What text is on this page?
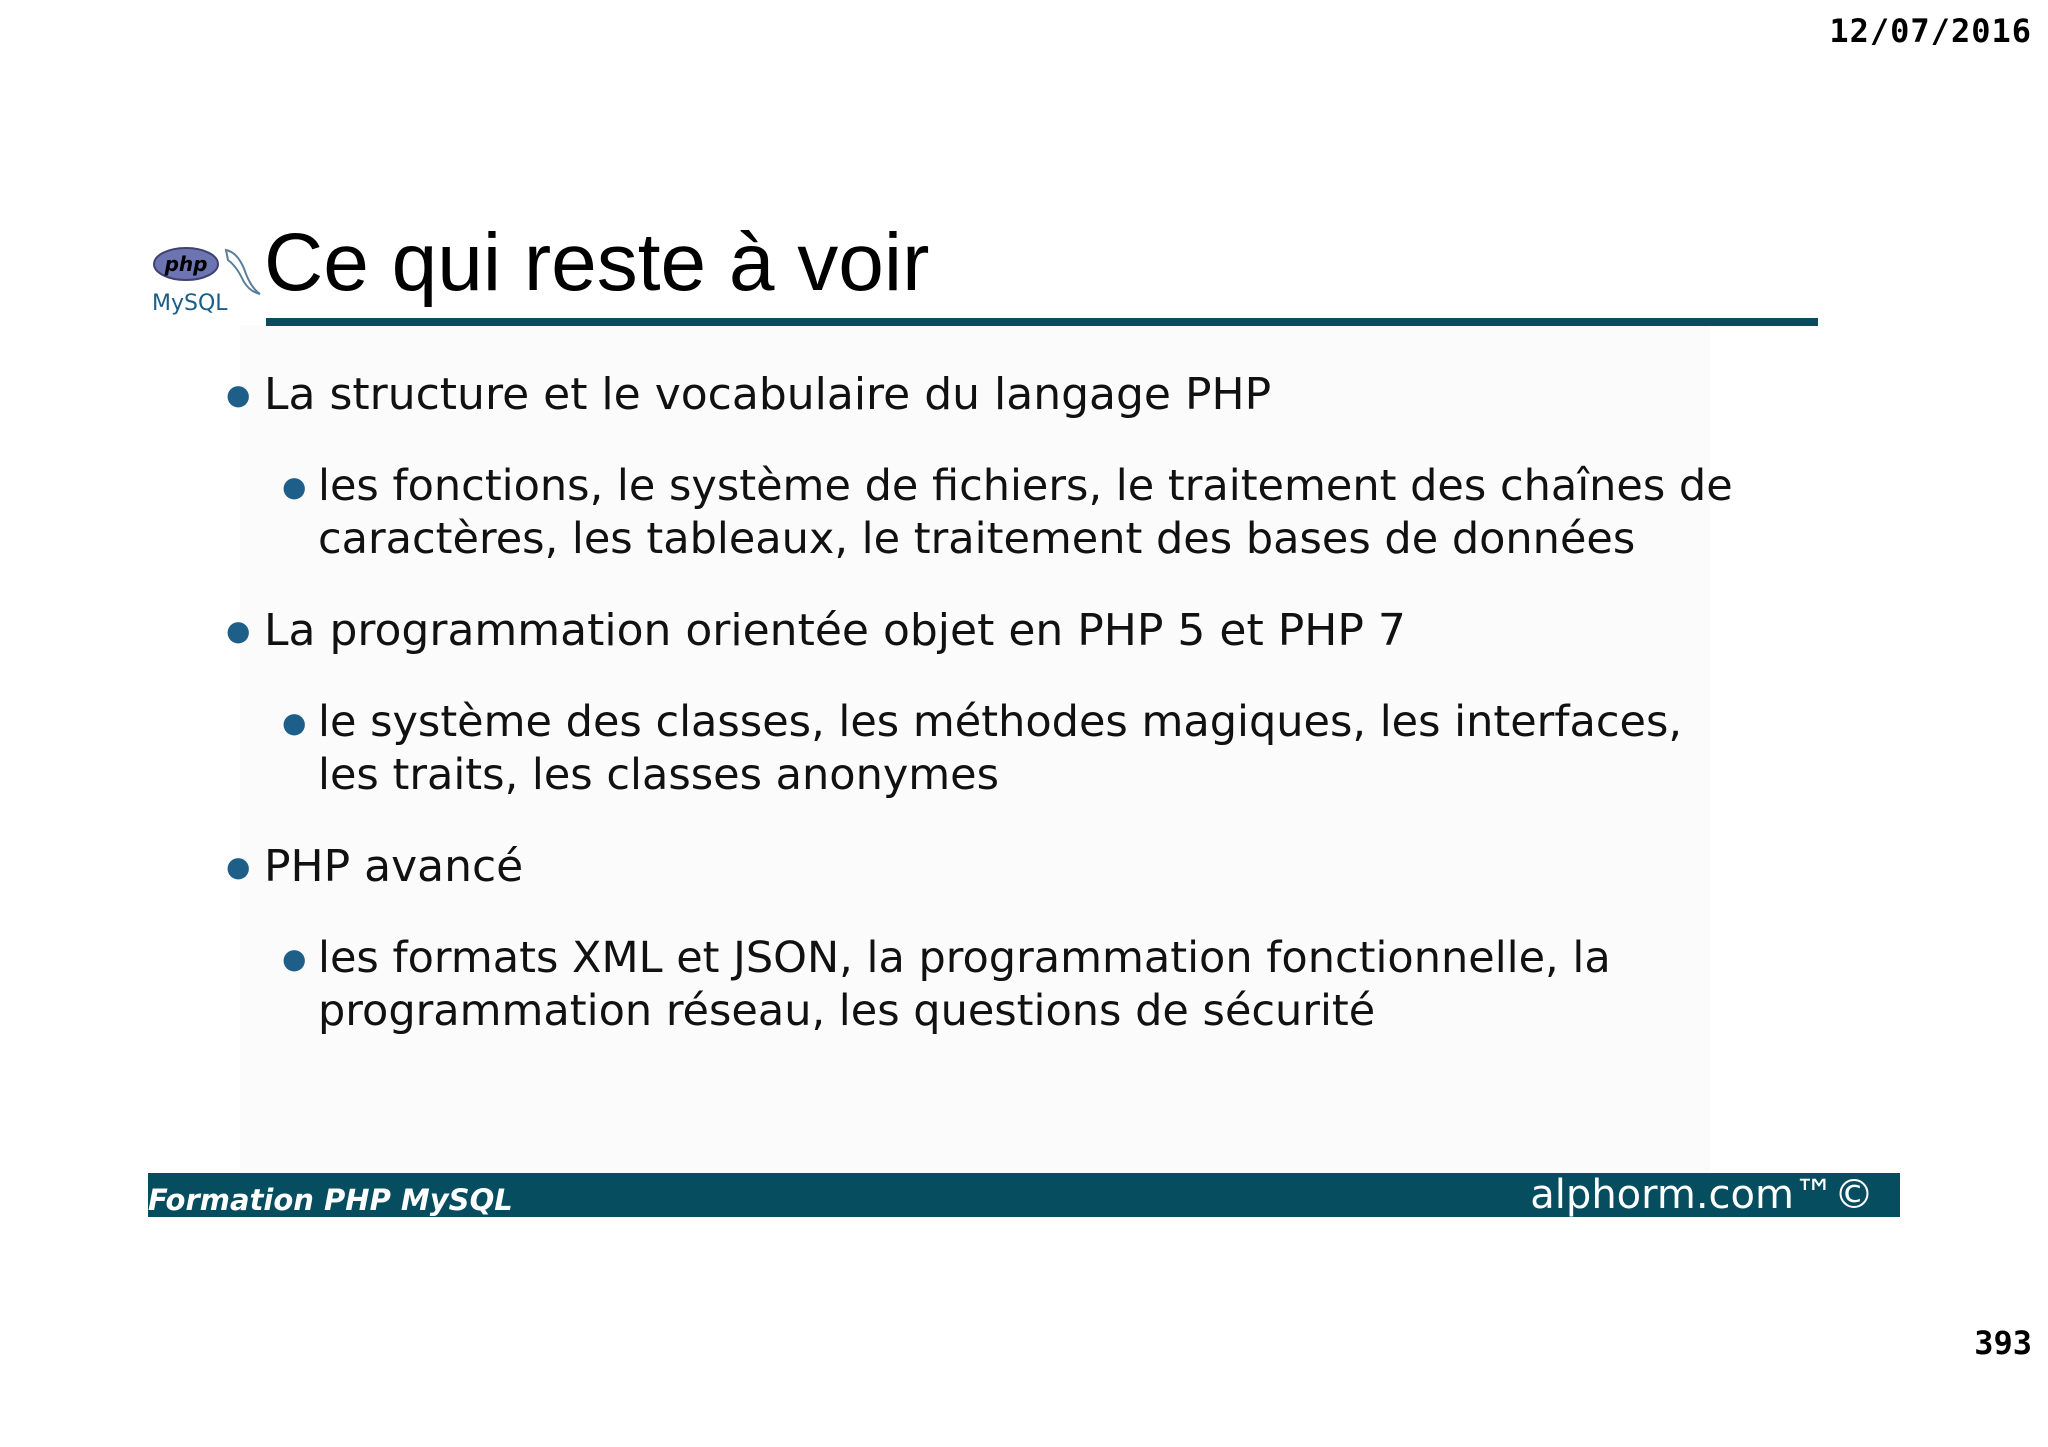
12/07/2016
php
MySQL Ce qui reste à voir
● La structure et le vocabulaire du langage PHP
● les fonctions, le système de fichiers, le traitement des chaînes de caractères, les tableaux, le traitement des bases de données
● La programmation orientée objet en PHP 5 et PHP 7
● le système des classes, les méthodes magiques, les interfaces, les traits, les classes anonymes
● PHP avancé
● les formats XML et JSON, la programmation fonctionnelle, la programmation réseau, les questions de sécurité
Formation PHP MySQL	alphorm.com™©
393
